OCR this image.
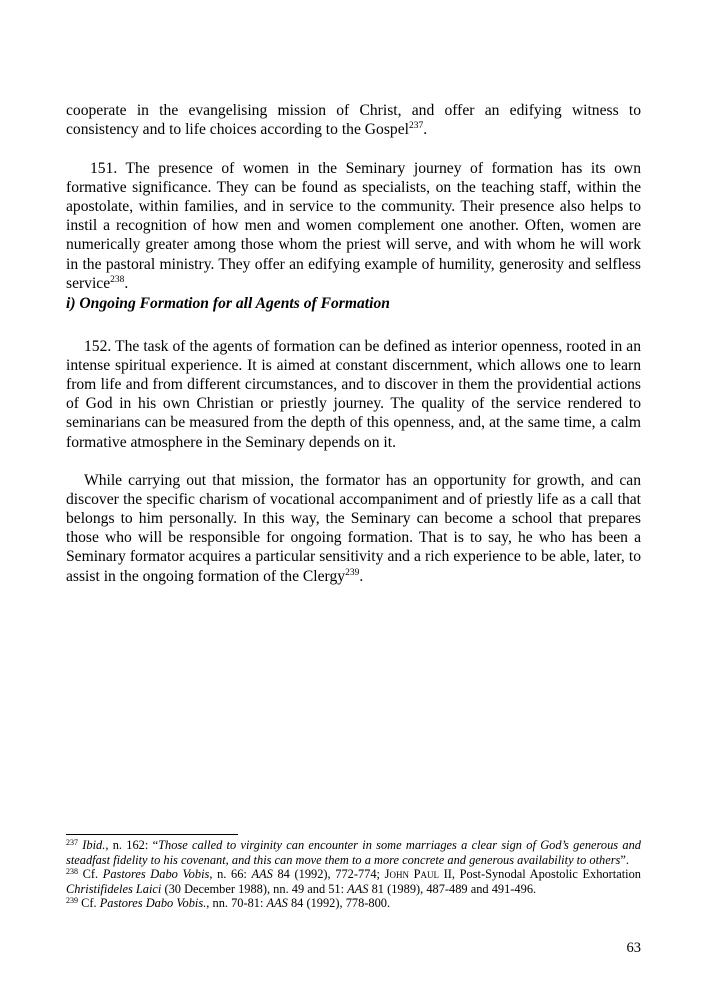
cooperate in the evangelising mission of Christ, and offer an edifying witness to consistency and to life choices according to the Gospel$^{237}$.

151. The presence of women in the Seminary journey of formation has its own formative significance. They can be found as specialists, on the teaching staff, within the apostolate, within families, and in service to the community. Their presence also helps to instil a recognition of how men and women complement one another. Often, women are numerically greater among those whom the priest will serve, and with whom he will work in the pastoral ministry. They offer an edifying example of humility, generosity and selfless service$^{238}$.

i) Ongoing Formation for all Agents of Formation

152. The task of the agents of formation can be defined as interior openness, rooted in an intense spiritual experience. It is aimed at constant discernment, which allows one to learn from life and from different circumstances, and to discover in them the providential actions of God in his own Christian or priestly journey. The quality of the service rendered to seminarians can be measured from the depth of this openness, and, at the same time, a calm formative atmosphere in the Seminary depends on it.

While carrying out that mission, the formator has an opportunity for growth, and can discover the specific charism of vocational accompaniment and of priestly life as a call that belongs to him personally. In this way, the Seminary can become a school that prepares those who will be responsible for ongoing formation. That is to say, he who has been a Seminary formator acquires a particular sensitivity and a rich experience to be able, later, to assist in the ongoing formation of the Clergy$^{239}$.

$^{237}$ Ibid., n. 162: “Those called to virginity can encounter in some marriages a clear sign of God’s generous and steadfast fidelity to his covenant, and this can move them to a more concrete and generous availability to others”.

$^{238}$ Cf. Pastores Dabo Vobis, n. 66: AAS 84 (1992), 772-774; John Paul II, Post-Synodal Apostolic Exhortation Christifideles Laici (30 December 1988), nn. 49 and 51: AAS 81 (1989), 487-489 and 491-496.

$^{239}$ Cf. Pastores Dabo Vobis., nn. 70-81: AAS 84 (1992), 778-800.

63
